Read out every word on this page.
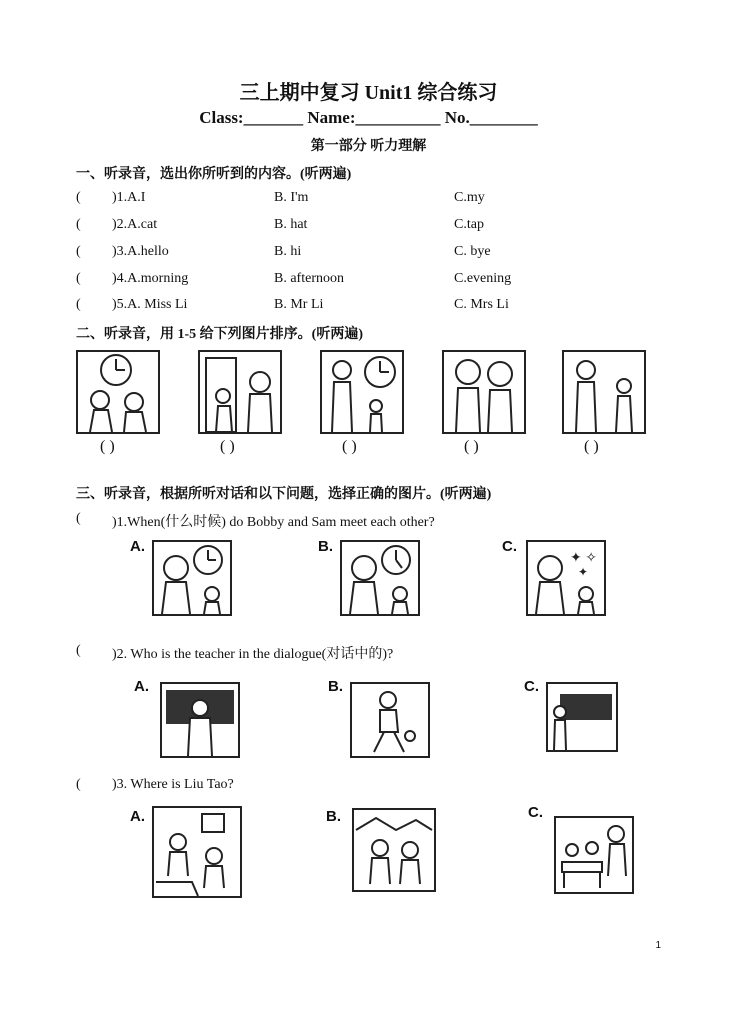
三上期中复习 Unit1 综合练习
Class:_______ Name:__________ No.________
第一部分 听力理解
一、听录音，选出你所听到的内容。(听两遍)
( )1.A.I	B. I'm	C.my
( )2.A.cat	B. hat	C.tap
( )3.A.hello	B. hi	C. bye
( )4.A.morning	B. afternoon	C.evening
( )5.A. Miss Li	B. Mr Li	C. Mrs Li
二、听录音，用 1-5 给下列图片排序。(听两遍)
( )	( )	( )	( )	( )
三、听录音，根据所听对话和以下问题，选择正确的图片。(听两遍)
( )1.When(什么时候) do Bobby and Sam meet each other?
A.	B.	C.
✦ ✧
✦
( )2. Who is the teacher in the dialogue(对话中的)?
A.	B.	C.
( )3. Where is Liu Tao?
A.	B.	C.
1
